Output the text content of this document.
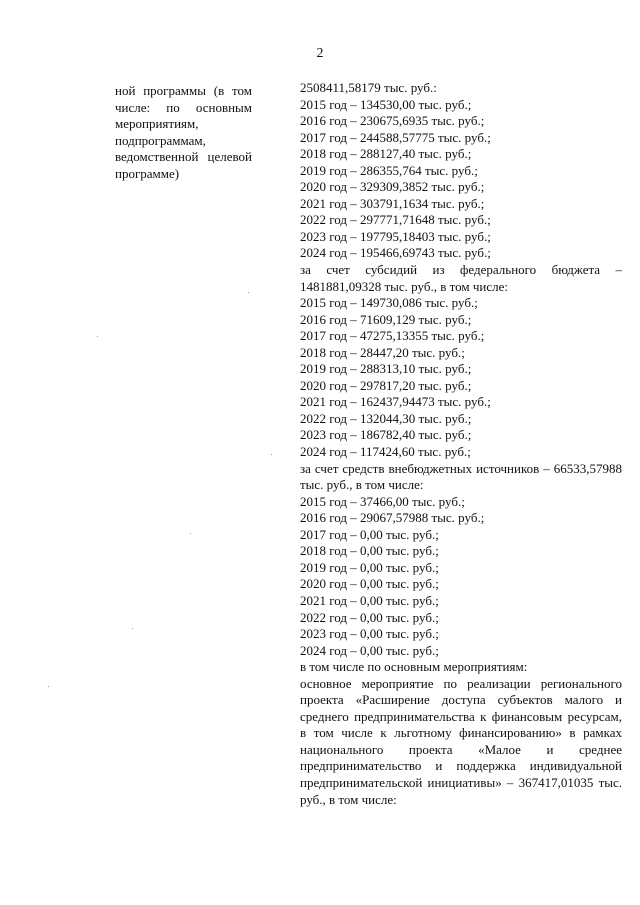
2
ной программы (в том числе: по основным мероприятиям, подпрограммам, ведомственной целевой программе)
2508411,58179 тыс. руб.:
2015 год – 134530,00 тыс. руб.;
2016 год – 230675,6935 тыс. руб.;
2017 год – 244588,57775 тыс. руб.;
2018 год – 288127,40 тыс. руб.;
2019 год – 286355,764 тыс. руб.;
2020 год – 329309,3852 тыс. руб.;
2021 год – 303791,1634 тыс. руб.;
2022 год – 297771,71648 тыс. руб.;
2023 год – 197795,18403 тыс. руб.;
2024 год – 195466,69743 тыс. руб.;
за счет субсидий из федерального бюджета – 1481881,09328 тыс. руб., в том числе:
2015 год – 149730,086 тыс. руб.;
2016 год – 71609,129 тыс. руб.;
2017 год – 47275,13355 тыс. руб.;
2018 год – 28447,20 тыс. руб.;
2019 год – 288313,10 тыс. руб.;
2020 год – 297817,20 тыс. руб.;
2021 год – 162437,94473 тыс. руб.;
2022 год – 132044,30 тыс. руб.;
2023 год – 186782,40 тыс. руб.;
2024 год – 117424,60 тыс. руб.;
за счет средств внебюджетных источников – 66533,57988 тыс. руб., в том числе:
2015 год – 37466,00 тыс. руб.;
2016 год – 29067,57988 тыс. руб.;
2017 год – 0,00 тыс. руб.;
2018 год – 0,00 тыс. руб.;
2019 год – 0,00 тыс. руб.;
2020 год – 0,00 тыс. руб.;
2021 год – 0,00 тыс. руб.;
2022 год – 0,00 тыс. руб.;
2023 год – 0,00 тыс. руб.;
2024 год – 0,00 тыс. руб.;
в том числе по основным мероприятиям:
основное мероприятие по реализации регионального проекта «Расширение доступа субъектов малого и среднего предпринимательства к финансовым ресурсам, в том числе к льготному финансированию» в рамках национального проекта «Малое и среднее предпринимательство и поддержка индивидуальной предпринимательской инициативы» – 367417,01035 тыс. руб., в том числе:
